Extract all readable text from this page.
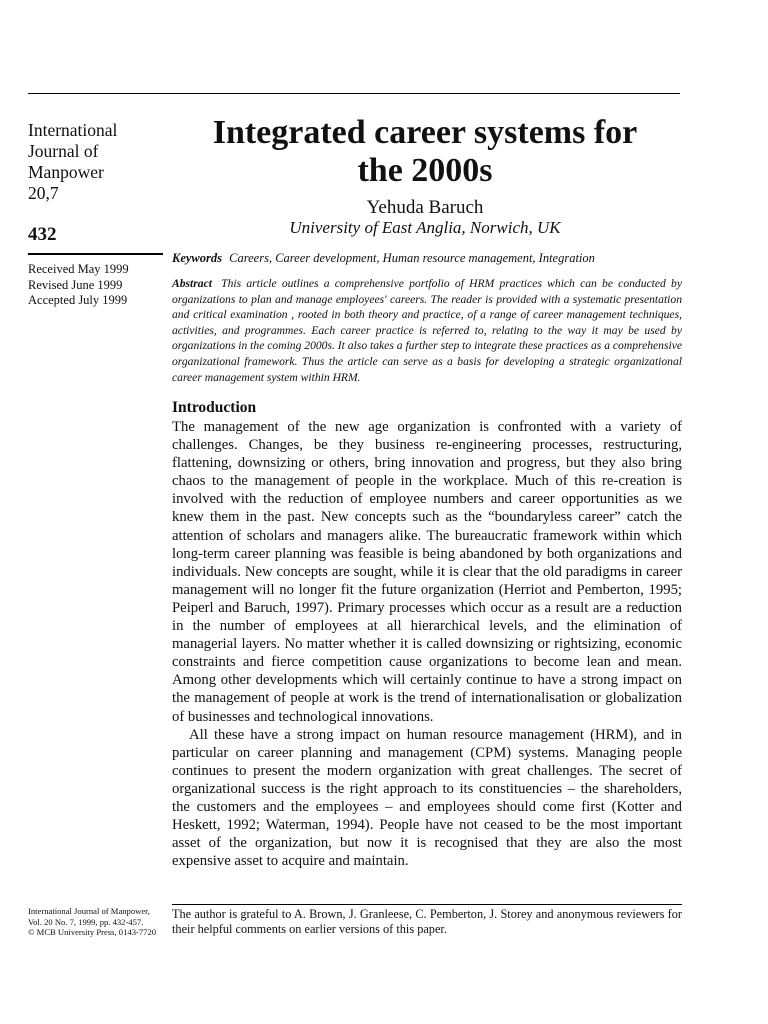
International
Journal of
Manpower
20,7
432
Received May 1999
Revised June 1999
Accepted July 1999
Integrated career systems for
the 2000s
Yehuda Baruch
University of East Anglia, Norwich, UK
Keywords Careers, Career development, Human resource management, Integration
Abstract This article outlines a comprehensive portfolio of HRM practices which can be conducted by organizations to plan and manage employees' careers. The reader is provided with a systematic presentation and critical examination , rooted in both theory and practice, of a range of career management techniques, activities, and programmes. Each career practice is referred to, relating to the way it may be used by organizations in the coming 2000s. It also takes a further step to integrate these practices as a comprehensive organizational framework. Thus the article can serve as a basis for developing a strategic organizational career management system within HRM.
Introduction

The management of the new age organization is confronted with a variety of challenges. Changes, be they business re-engineering processes, restructuring, flattening, downsizing or others, bring innovation and progress, but they also bring chaos to the management of people in the workplace. Much of this re-creation is involved with the reduction of employee numbers and career opportunities as we knew them in the past. New concepts such as the “boundaryless career” catch the attention of scholars and managers alike. The bureaucratic framework within which long-term career planning was feasible is being abandoned by both organizations and individuals. New concepts are sought, while it is clear that the old paradigms in career management will no longer fit the future organization (Herriot and Pemberton, 1995; Peiperl and Baruch, 1997). Primary processes which occur as a result are a reduction in the number of employees at all hierarchical levels, and the elimination of managerial layers. No matter whether it is called downsizing or rightsizing, economic constraints and fierce competition cause organizations to become lean and mean. Among other developments which will certainly continue to have a strong impact on the management of people at work is the trend of internationalisation or globalization of businesses and technological innovations.

All these have a strong impact on human resource management (HRM), and in particular on career planning and management (CPM) systems. Managing people continues to present the modern organization with great challenges. The secret of organizational success is the right approach to its constituencies – the shareholders, the customers and the employees – and employees should come first (Kotter and Heskett, 1992; Waterman, 1994). People have not ceased to be the most important asset of the organization, but now it is recognised that they are also the most expensive asset to acquire and maintain.

International Journal of Manpower,
Vol. 20 No. 7, 1999, pp. 432-457.
© MCB University Press, 0143-7720
The author is grateful to A. Brown, J. Granleese, C. Pemberton, J. Storey and anonymous reviewers for their helpful comments on earlier versions of this paper.
